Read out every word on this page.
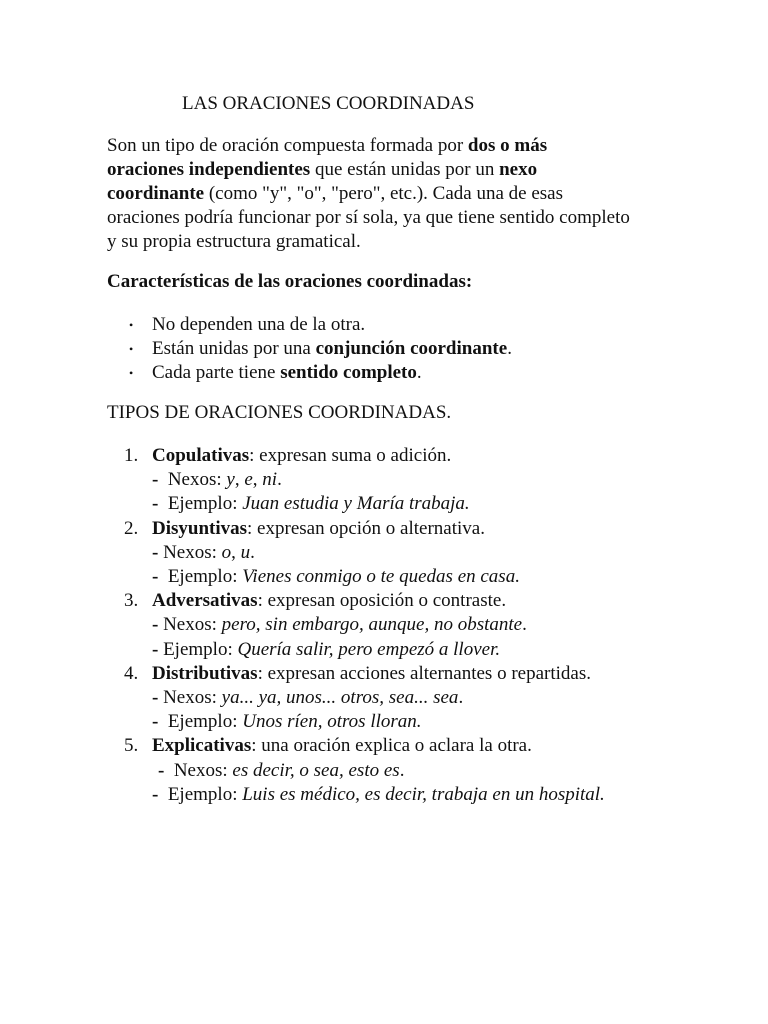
LAS ORACIONES COORDINADAS

Son un tipo de oración compuesta formada por dos o más

oraciones independientes que están unidas por un nexo

coordinante (como "y", "o", "pero", etc.). Cada una de esas

oraciones podría funcionar por sí sola, ya que tiene sentido completo

y su propia estructura gramatical.

Características de las oraciones coordinadas:
• No dependen una de la otra.
• Están unidas por una conjunción coordinante.
• Cada parte tiene sentido completo.
TIPOS DE ORACIONES COORDINADAS.
1. Copulativas: expresan suma o adición.
- Nexos: y, e, ni.
- Ejemplo: Juan estudia y María trabaja.
2. Disyuntivas: expresan opción o alternativa.
- Nexos: o, u.
- Ejemplo: Vienes conmigo o te quedas en casa.
3. Adversativas: expresan oposición o contraste.
- Nexos: pero, sin embargo, aunque, no obstante.
- Ejemplo: Quería salir, pero empezó a llover.
4. Distributivas: expresan acciones alternantes o repartidas.
- Nexos: ya... ya, unos... otros, sea... sea.
- Ejemplo: Unos ríen, otros lloran.
5. Explicativas: una oración explica o aclara la otra.
- Nexos: es decir, o sea, esto es.
- Ejemplo: Luis es médico, es decir, trabaja en un hospital.
